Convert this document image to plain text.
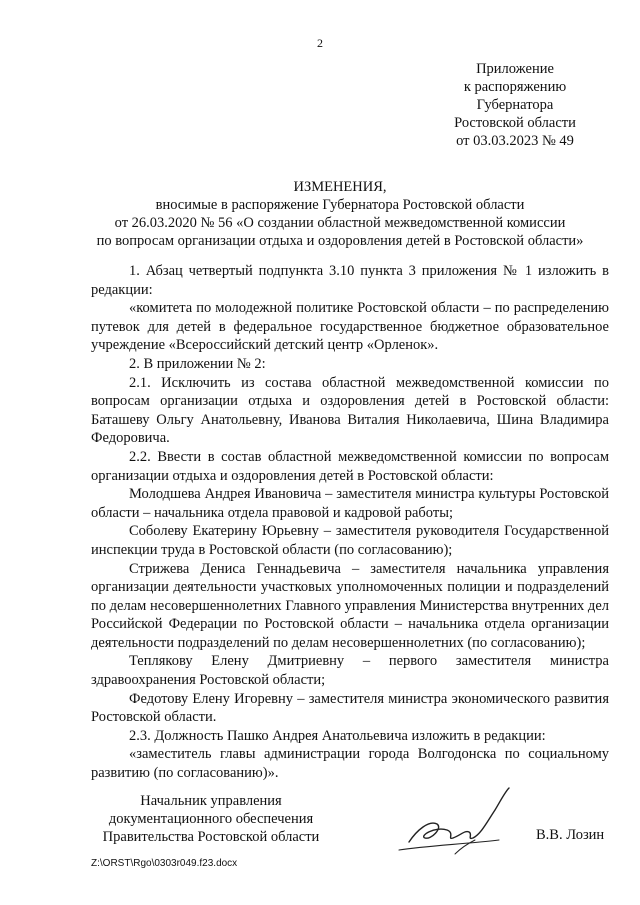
2
Приложение
к распоряжению
Губернатора
Ростовской области
от 03.03.2023 № 49
ИЗМЕНЕНИЯ,
вносимые в распоряжение Губернатора Ростовской области
от 26.03.2020 № 56 «О создании областной межведомственной комиссии
по вопросам организации отдыха и оздоровления детей в Ростовской области»

1. Абзац четвертый подпункта 3.10 пункта 3 приложения № 1 изложить в редакции:

«комитета по молодежной политике Ростовской области – по распределению путевок для детей в федеральное государственное бюджетное образовательное учреждение «Всероссийский детский центр «Орленок».

2. В приложении № 2:

2.1. Исключить из состава областной межведомственной комиссии по вопросам организации отдыха и оздоровления детей в Ростовской области: Баташеву Ольгу Анатольевну, Иванова Виталия Николаевича, Шина Владимира Федоровича.

2.2. Ввести в состав областной межведомственной комиссии по вопросам организации отдыха и оздоровления детей в Ростовской области:

Молодшева Андрея Ивановича – заместителя министра культуры Ростовской области – начальника отдела правовой и кадровой работы;

Соболеву Екатерину Юрьевну – заместителя руководителя Государственной инспекции труда в Ростовской области (по согласованию);

Стрижева Дениса Геннадьевича – заместителя начальника управления организации деятельности участковых уполномоченных полиции и подразделений по делам несовершеннолетних Главного управления Министерства внутренних дел Российской Федерации по Ростовской области – начальника отдела организации деятельности подразделений по делам несовершеннолетних (по согласованию);

Теплякову Елену Дмитриевну – первого заместителя министра здравоохранения Ростовской области;

Федотову Елену Игоревну – заместителя министра экономического развития Ростовской области.

2.3. Должность Пашко Андрея Анатольевича изложить в редакции:

«заместитель главы администрации города Волгодонска по социальному развитию (по согласованию)».

Начальник управления
документационного обеспечения
Правительства Ростовской области	В.В. Лозин
Z:\ORST\Rgo\0303r049.f23.docx
